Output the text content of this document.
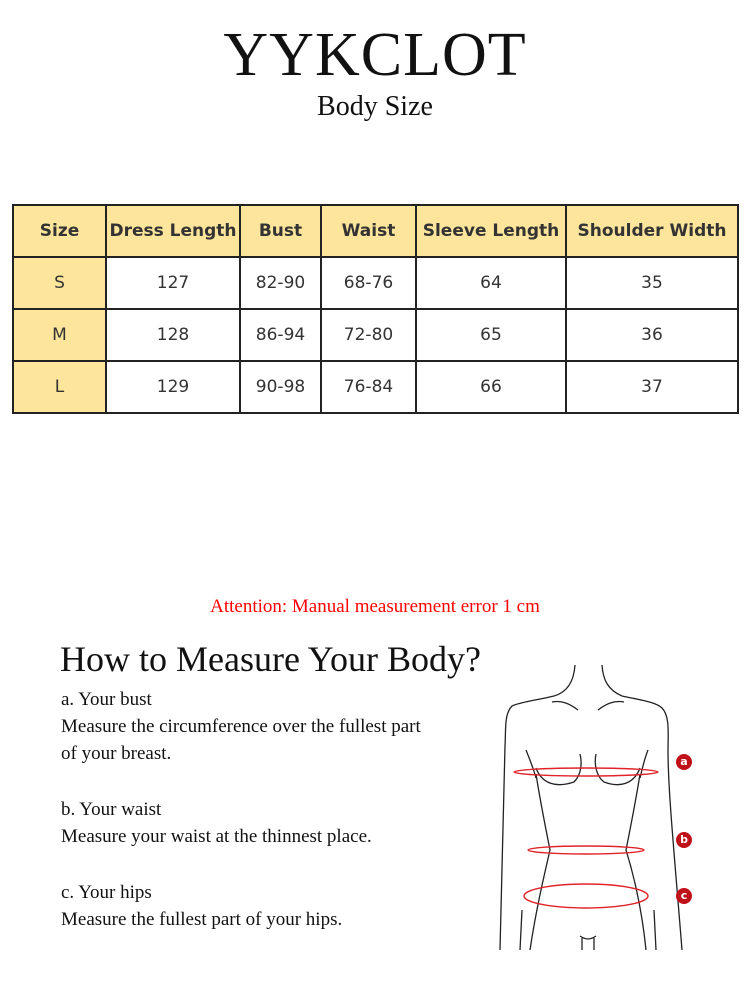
YYKCLOT
Body Size
Size	Dress Length	Bust	Waist	Sleeve Length	Shoulder Width
S	127	82-90	68-76	64	35
M	128	86-94	72-80	65	36
L	129	90-98	76-84	66	37
Attention: Manual measurement error 1 cm
How to Measure Your Body?

a. Your bust

Measure the circumference over the fullest part

of your breast.

b. Your waist

Measure your waist at the thinnest place.

c. Your hips

Measure the fullest part of your hips.

a
b
c
